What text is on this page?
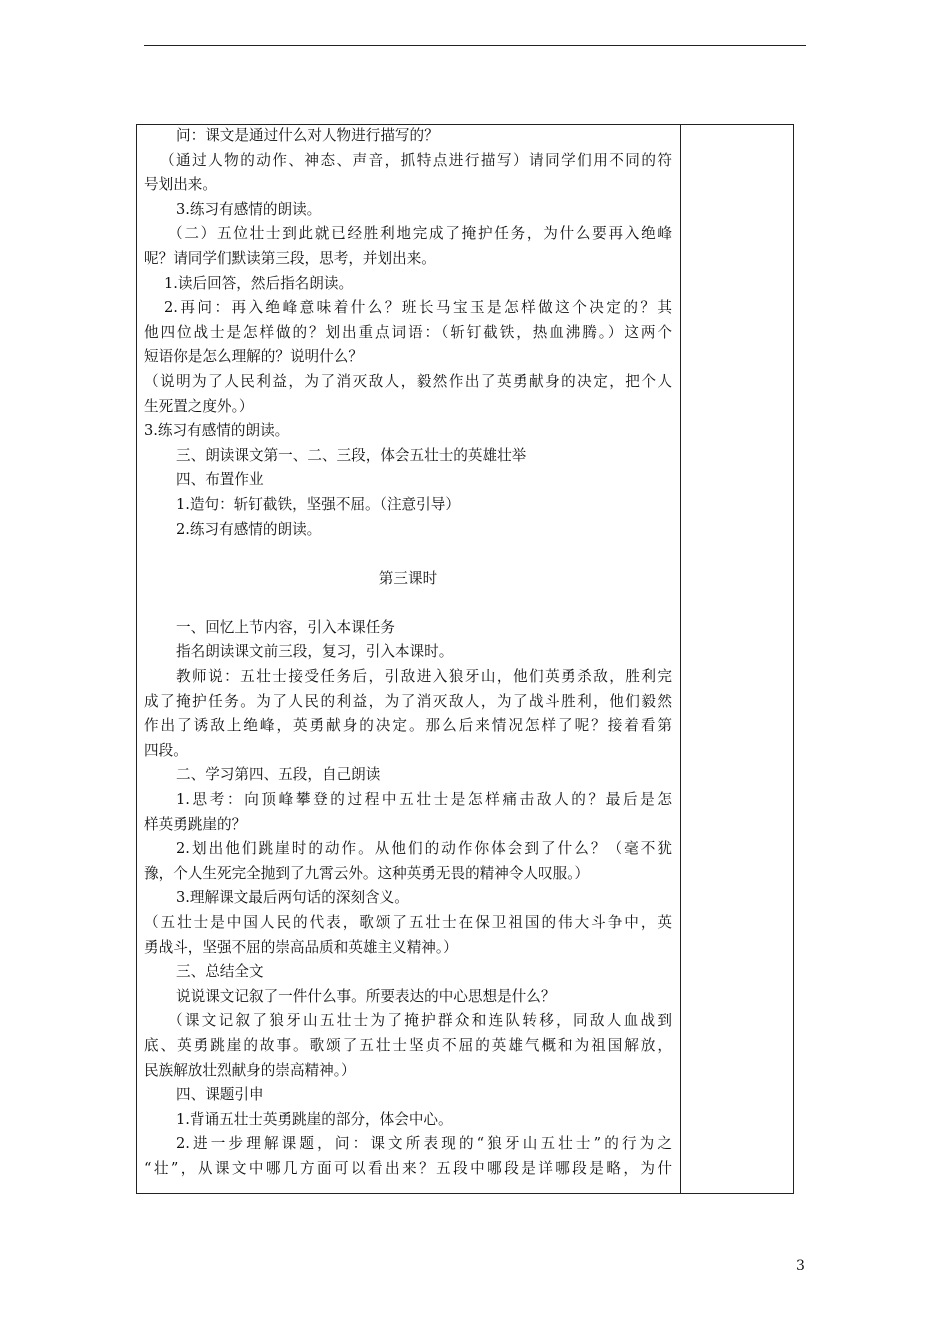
问：课文是通过什么对人物进行描写的？

（通过人物的动作、神态、声音，抓特点进行描写）请同学们用不同的符

号划出来。

3.练习有感情的朗读。

（二）五位壮士到此就已经胜利地完成了掩护任务，为什么要再入绝峰

呢？请同学们默读第三段，思考，并划出来。

1.读后回答，然后指名朗读。

2.再问：再入绝峰意味着什么？班长马宝玉是怎样做这个决定的？其

他四位战士是怎样做的？划出重点词语：（斩钉截铁，热血沸腾。）这两个

短语你是怎么理解的？说明什么？

（说明为了人民利益，为了消灭敌人，毅然作出了英勇献身的决定，把个人

生死置之度外。）

3.练习有感情的朗读。

三、朗读课文第一、二、三段，体会五壮士的英雄壮举

四、布置作业

1.造句：斩钉截铁，坚强不屈。（注意引导）

2.练习有感情的朗读。

第三课时

一、回忆上节内容，引入本课任务

指名朗读课文前三段，复习，引入本课时。

教师说：五壮士接受任务后，引敌进入狼牙山，他们英勇杀敌，胜利完

成了掩护任务。为了人民的利益，为了消灭敌人，为了战斗胜利，他们毅然

作出了诱敌上绝峰，英勇献身的决定。那么后来情况怎样了呢？接着看第

四段。

二、学习第四、五段，自己朗读

1.思考：向顶峰攀登的过程中五壮士是怎样痛击敌人的？最后是怎

样英勇跳崖的？

2.划出他们跳崖时的动作。从他们的动作你体会到了什么？（毫不犹

豫，个人生死完全抛到了九霄云外。这种英勇无畏的精神令人叹服。）

3.理解课文最后两句话的深刻含义。

（五壮士是中国人民的代表，歌颂了五壮士在保卫祖国的伟大斗争中，英

勇战斗，坚强不屈的崇高品质和英雄主义精神。）

三、总结全文

说说课文记叙了一件什么事。所要表达的中心思想是什么？

（课文记叙了狼牙山五壮士为了掩护群众和连队转移，同敌人血战到

底、英勇跳崖的故事。歌颂了五壮士坚贞不屈的英雄气概和为祖国解放，

民族解放壮烈献身的崇高精神。）

四、课题引申

1.背诵五壮士英勇跳崖的部分，体会中心。

2.进一步理解课题，问：课文所表现的“狼牙山五壮士”的行为之

“壮”，从课文中哪几方面可以看出来？五段中哪段是详哪段是略，为什

3
